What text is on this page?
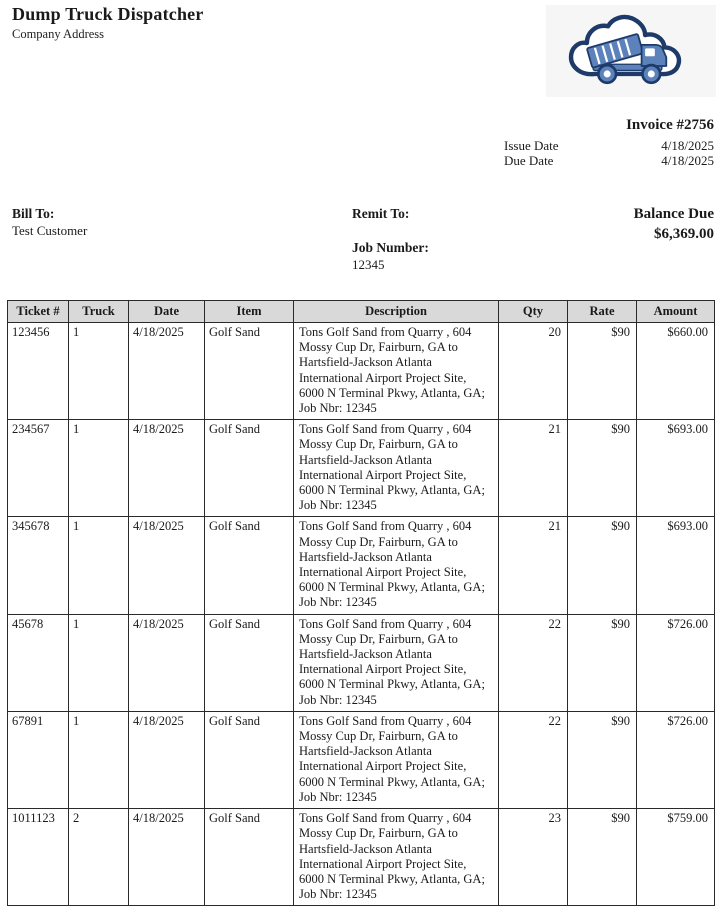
Dump Truck Dispatcher
Company Address
Invoice #2756
Issue Date	4/18/2025
Due Date	4/18/2025
Bill To:
Test Customer
Remit To:
Job Number:
12345
Balance Due
$6,369.00
Ticket #	Truck	Date	Item	Description	Qty	Rate	Amount
123456	1	4/18/2025	Golf Sand	Tons Golf Sand from Quarry , 604 Mossy Cup Dr, Fairburn, GA to Hartsfield-Jackson Atlanta International Airport Project Site, 6000 N Terminal Pkwy, Atlanta, GA; Job Nbr: 12345	20	$90	$660.00
234567	1	4/18/2025	Golf Sand	Tons Golf Sand from Quarry , 604 Mossy Cup Dr, Fairburn, GA to Hartsfield-Jackson Atlanta International Airport Project Site, 6000 N Terminal Pkwy, Atlanta, GA; Job Nbr: 12345	21	$90	$693.00
345678	1	4/18/2025	Golf Sand	Tons Golf Sand from Quarry , 604 Mossy Cup Dr, Fairburn, GA to Hartsfield-Jackson Atlanta International Airport Project Site, 6000 N Terminal Pkwy, Atlanta, GA; Job Nbr: 12345	21	$90	$693.00
45678	1	4/18/2025	Golf Sand	Tons Golf Sand from Quarry , 604 Mossy Cup Dr, Fairburn, GA to Hartsfield-Jackson Atlanta International Airport Project Site, 6000 N Terminal Pkwy, Atlanta, GA; Job Nbr: 12345	22	$90	$726.00
67891	1	4/18/2025	Golf Sand	Tons Golf Sand from Quarry , 604 Mossy Cup Dr, Fairburn, GA to Hartsfield-Jackson Atlanta International Airport Project Site, 6000 N Terminal Pkwy, Atlanta, GA; Job Nbr: 12345	22	$90	$726.00
1011123	2	4/18/2025	Golf Sand	Tons Golf Sand from Quarry , 604 Mossy Cup Dr, Fairburn, GA to Hartsfield-Jackson Atlanta International Airport Project Site, 6000 N Terminal Pkwy, Atlanta, GA; Job Nbr: 12345	23	$90	$759.00
